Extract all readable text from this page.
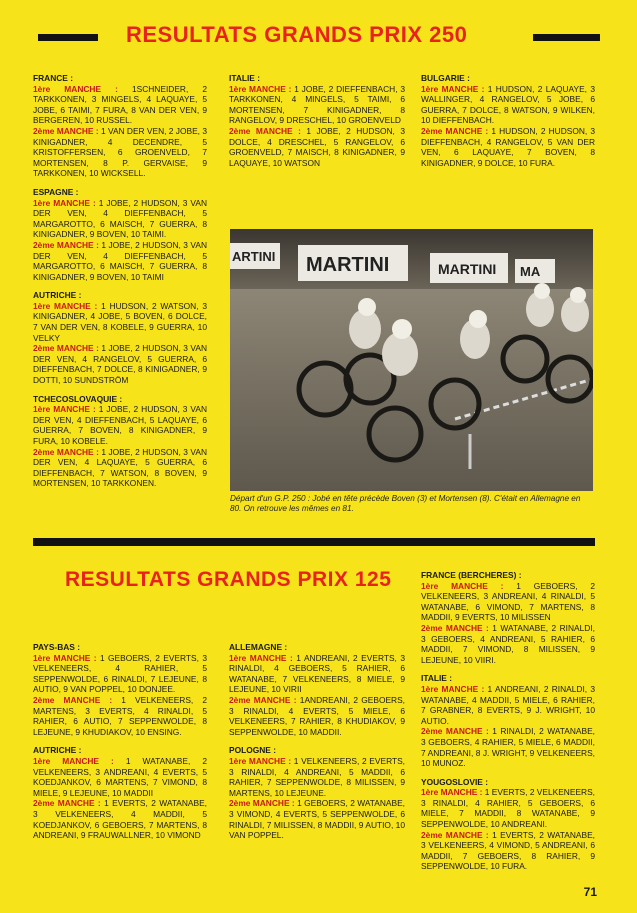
RESULTATS GRANDS PRIX 250
FRANCE :

1ère MANCHE : 1SCHNEIDER, 2 TARKKONEN, 3 MINGELS, 4 LAQUAYE, 5 JOBE, 6 TAIMI, 7 FURA, 8 VAN DER VEN, 9 BERGEREN, 10 RUSSEL.

2ème MANCHE : 1 VAN DER VEN, 2 JOBE, 3 KINIGADNER, 4 DECENDRE, 5 KRISTOFFERSEN, 6 GROENVELD, 7 MORTENSEN, 8 P. GERVAISE, 9 TARKKONEN, 10 WICKSELL.

ESPAGNE :

1ère MANCHE : 1 JOBE, 2 HUDSON, 3 VAN DER VEN, 4 DIEFFENBACH, 5 MARGAROTTO, 6 MAISCH, 7 GUERRA, 8 KINIGADNER, 9 BOVEN, 10 TAIMI.

2ème MANCHE : 1 JOBE, 2 HUDSON, 3 VAN DER VEN, 4 DIEFFENBACH, 5 MARGAROTTO, 6 MAISCH, 7 GUERRA, 8 KINIGADNER, 9 BOVEN, 10 TAIMI

AUTRICHE :

1ère MANCHE : 1 HUDSON, 2 WATSON, 3 KINIGADNER, 4 JOBE, 5 BOVEN, 6 DOLCE, 7 VAN DER VEN, 8 KOBELE, 9 GUERRA, 10 VELKY

2ème MANCHE : 1 JOBE, 2 HUDSON, 3 VAN DER VEN, 4 RANGELOV, 5 GUERRA, 6 DIEFFENBACH, 7 DOLCE, 8 KINIGADNER, 9 DOTTI, 10 SUNDSTRÖM

TCHECOSLOVAQUIE :

1ère MANCHE : 1 JOBE, 2 HUDSON, 3 VAN DER VEN, 4 DIEFFENBACH, 5 LAQUAYE, 6 GUERRA, 7 BOVEN, 8 KINIGADNER, 9 FURA, 10 KOBELE.

2ème MANCHE : 1 JOBE, 2 HUDSON, 3 VAN DER VEN, 4 LAQUAYE, 5 GUERRA, 6 DIEFFENBACH, 7 WATSON, 8 BOVEN, 9 MORTENSEN, 10 TARKKONEN.

ITALIE :

1ère MANCHE : 1 JOBE, 2 DIEFFENBACH, 3 TARKKONEN, 4 MINGELS, 5 TAIMI, 6 MORTENSEN, 7 KINIGADNER, 8 RANGELOV, 9 DRESCHEL, 10 GROENVELD

2ème MANCHE : 1 JOBE, 2 HUDSON, 3 DOLCE, 4 DRESCHEL, 5 RANGELOV, 6 GROENVELD, 7 MAISCH, 8 KINIGADNER, 9 LAQUAYE, 10 WATSON

BULGARIE :

1ère MANCHE : 1 HUDSON, 2 LAQUAYE, 3 WALLINGER, 4 RANGELOV, 5 JOBE, 6 GUERRA, 7 DOLCE, 8 WATSON, 9 WILKEN, 10 DIEFFENBACH.

2ème MANCHE : 1 HUDSON, 2 HUDSON, 3 DIEFFENBACH, 4 RANGELOV, 5 VAN DER VEN, 6 LAQUAYE, 7 BOVEN, 8 KINIGADNER, 9 DOLCE, 10 FURA.

ARTINI MARTINI	MARTINI MA
Départ d'un G.P. 250 : Jobé en tête précède Boven (3) et Mortensen (8). C'était en Allemagne en 80. On retrouve les mêmes en 81.
RESULTATS GRANDS PRIX 125
PAYS-BAS :

1ère MANCHE : 1 GEBOERS, 2 EVERTS, 3 VELKENEERS, 4 RAHIER, 5 SEPPENWOLDE, 6 RINALDI, 7 LEJEUNE, 8 AUTIO, 9 VAN POPPEL, 10 DONJEE.

2ème MANCHE : 1 VELKENEERS, 2 MARTENS, 3 EVERTS, 4 RINALDI, 5 RAHIER, 6 AUTIO, 7 SEPPENWOLDE, 8 LEJEUNE, 9 KHUDIAKOV, 10 ENSING.

AUTRICHE :

1ère MANCHE : 1 WATANABE, 2 VELKENEERS, 3 ANDREANI, 4 EVERTS, 5 KOEDJANKOV, 6 MARTENS, 7 VIMOND, 8 MIELE, 9 LEJEUNE, 10 MADDII

2ème MANCHE : 1 EVERTS, 2 WATANABE, 3 VELKENEERS, 4 MADDII, 5 KOEDJANKOV, 6 GEBOERS, 7 MARTENS, 8 ANDREANI, 9 FRAUWALLNER, 10 VIMOND

ALLEMAGNE :

1ère MANCHE : 1 ANDREANI, 2 EVERTS, 3 RINALDI, 4 GEBOERS, 5 RAHIER, 6 WATANABE, 7 VELKENEERS, 8 MIELE, 9 LEJEUNE, 10 VIRII

2ème MANCHE : 1ANDREANI, 2 GEBOERS, 3 RINALDI, 4 EVERTS, 5 MIELE, 6 VELKENEERS, 7 RAHIER, 8 KHUDIAKOV, 9 SEPPENWOLDE, 10 MADDII.

POLOGNE :

1ère MANCHE : 1 VELKENEERS, 2 EVERTS, 3 RINALDI, 4 ANDREANI, 5 MADDII, 6 RAHIER, 7 SEPPENWOLDE, 8 MILISSEN, 9 MARTENS, 10 LEJEUNE.

2ème MANCHE : 1 GEBOERS, 2 WATANABE, 3 VIMOND, 4 EVERTS, 5 SEPPENWOLDE, 6 RINALDI, 7 MILISSEN, 8 MADDII, 9 AUTIO, 10 VAN POPPEL.

FRANCE (BERCHERES) :

1ère MANCHE : 1 GEBOERS, 2 VELKENEERS, 3 ANDREANI, 4 RINALDI, 5 WATANABE, 6 VIMOND, 7 MARTENS, 8 MADDII, 9 EVERTS, 10 MILISSEN

2ème MANCHE : 1 WATANABE, 2 RINALDI, 3 GEBOERS, 4 ANDREANI, 5 RAHIER, 6 MADDII, 7 VIMOND, 8 MILISSEN, 9 LEJEUNE, 10 VIIRI.

ITALIE :

1ère MANCHE : 1 ANDREANI, 2 RINALDI, 3 WATANABE, 4 MADDII, 5 MIELE, 6 RAHIER, 7 GRABNER, 8 EVERTS, 9 J. WRIGHT, 10 AUTIO.

2ème MANCHE : 1 RINALDI, 2 WATANABE, 3 GEBOERS, 4 RAHIER, 5 MIELE, 6 MADDII, 7 ANDREANI, 8 J. WRIGHT, 9 VELKENEERS, 10 MUNOZ.

YOUGOSLOVIE :

1ère MANCHE : 1 EVERTS, 2 VELKENEERS, 3 RINALDI, 4 RAHIER, 5 GEBOERS, 6 MIELE, 7 MADDII, 8 WATANABE, 9 SEPPENWOLDE, 10 ANDREANI.

2ème MANCHE : 1 EVERTS, 2 WATANABE, 3 VELKENEERS, 4 VIMOND, 5 ANDREANI, 6 MADDII, 7 GEBOERS, 8 RAHIER, 9 SEPPENWOLDE, 10 FURA.

71
